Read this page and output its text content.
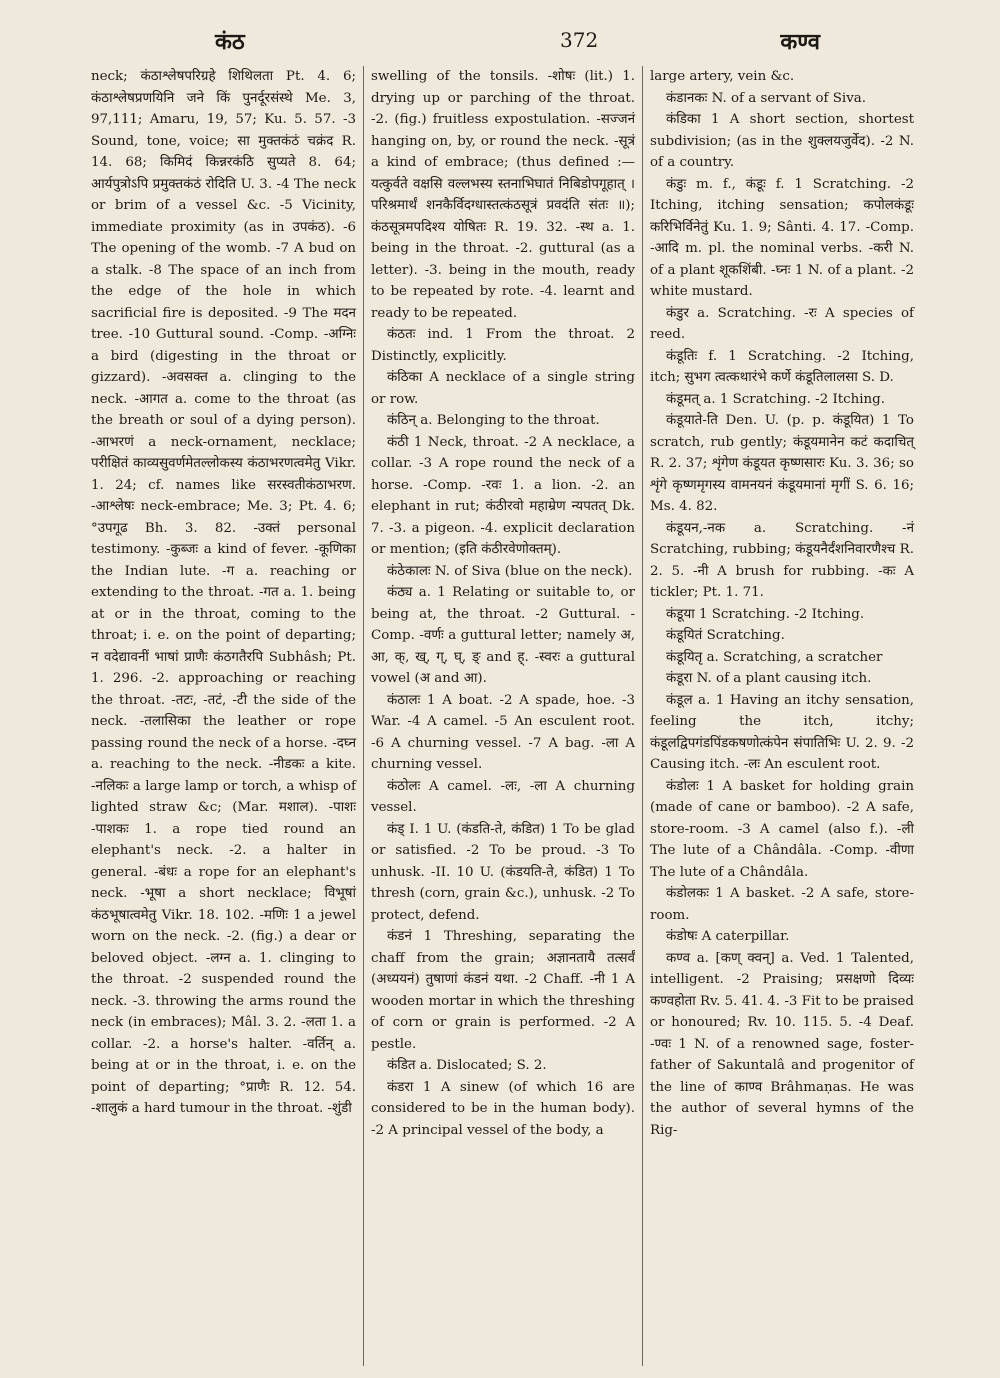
कंठ	372	कण्व

neck; कंठाश्लेषपरिग्रहे शिथिलता Pt. 4. 6; कंठाश्लेषप्रणयिनि जने किं पुनर्दूरसंस्थे Me. 3, 97,111; Amaru, 19, 57; Ku. 5. 57. -3 Sound, tone, voice; सा मुक्तकंठं चक्रंद R. 14. 68; किमिदं किन्नरकंठि सुप्यते 8. 64; आर्यपुत्रोऽपि प्रमुक्तकंठं रोदिति U. 3. -4 The neck or brim of a vessel &c. -5 Vicinity, immediate proximity (as in उपकंठ). -6 The opening of the womb. -7 A bud on a stalk. -8 The space of an inch from the edge of the hole in which sacrificial fire is deposited. -9 The मदन tree. -10 Guttural sound. -Comp. -अग्निः a bird (digesting in the throat or gizzard). -अवसक्त a. clinging to the neck. -आगत a. come to the throat (as the breath or soul of a dying person). -आभरणं a neck-ornament, necklace; परीक्षितं काव्यसुवर्णमेतल्लोकस्य कंठाभरणत्वमेतु Vikr. 1. 24; cf. names like सरस्वतीकंठाभरण. -आश्लेषः neck-embrace; Me. 3; Pt. 4. 6; °उपगूढ Bh. 3. 82. -उक्तं personal testimony. -कुब्जः a kind of fever. -कूणिका the Indian lute. -ग a. reaching or extending to the throat. -गत a. 1. being at or in the throat, coming to the throat; i. e. on the point of departing; न वदेद्यावनीं भाषां प्राणैः कंठगतैरपि Subhâsh; Pt. 1. 296. -2. approaching or reaching the throat. -तटः, -तटं, -टी the side of the neck. -तलासिका the leather or rope passing round the neck of a horse. -दघ्न a. reaching to the neck. -नीडकः a kite. -नलिकः a large lamp or torch, a whisp of lighted straw &c; (Mar. मशाल). -पाशः -पाशकः 1. a rope tied round an elephant's neck. -2. a halter in general. -बंधः a rope for an elephant's neck. -भूषा a short necklace; विभूषां कंठभूषात्वमेतु Vikr. 18. 102. -मणिः 1 a jewel worn on the neck. -2. (fig.) a dear or beloved object. -लग्न a. 1. clinging to the throat. -2 suspended round the neck. -3. throwing the arms round the neck (in embraces); Mâl. 3. 2. -लता 1. a collar. -2. a horse's halter. -वर्तिन् a. being at or in the throat, i. e. on the point of departing; °प्राणैः R. 12. 54. -शालुकं a hard tumour in the throat. -शुंडी

swelling of the tonsils. -शोषः (lit.) 1. drying up or parching of the throat. -2. (fig.) fruitless expostulation. -सज्जनं hanging on, by, or round the neck. -सूत्रं a kind of embrace; (thus defined :— यत्कुर्वते वक्षसि वल्लभस्य स्तनाभिघातं निबिडोपगूहात् । परिश्रमार्थं शनकैर्विदग्धास्तत्कंठसूत्रं प्रवदंति संतः ॥); कंठसूत्रमपदिश्य योषितः R. 19. 32. -स्थ a. 1. being in the throat. -2. guttural (as a letter). -3. being in the mouth, ready to be repeated by rote. -4. learnt and ready to be repeated.

कंठतः ind. 1 From the throat. 2 Distinctly, explicitly.

कंठिका A necklace of a single string or row.

कंठिन् a. Belonging to the throat.

कंठी 1 Neck, throat. -2 A necklace, a collar. -3 A rope round the neck of a horse. -Comp. -रवः 1. a lion. -2. an elephant in rut; कंठीरवो महाम्रेण न्यपतत् Dk. 7. -3. a pigeon. -4. explicit declaration or mention; (इति कंठीरवेणोक्तम्).

कंठेकालः N. of Siva (blue on the neck).

कंठ्य a. 1 Relating or suitable to, or being at, the throat. -2 Guttural. -Comp. -वर्णः a guttural letter; namely अ, आ, क्, ख्, ग्, घ्, ङ् and ह्. -स्वरः a guttural vowel (अ and आ).

कंठालः 1 A boat. -2 A spade, hoe. -3 War. -4 A camel. -5 An esculent root. -6 A churning vessel. -7 A bag. -ला A churning vessel.

कंठोलः A camel. -लः, -ला A churning vessel.

कंड् I. 1 U. (कंडति-ते, कंडित) 1 To be glad or satisfied. -2 To be proud. -3 To unhusk. -II. 10 U. (कंडयति-ते, कंडित) 1 To thresh (corn, grain &c.), unhusk. -2 To protect, defend.

कंडनं 1 Threshing, separating the chaff from the grain; अज्ञानतायै तत्सर्वं (अध्ययनं) तुषाणां कंडनं यथा. -2 Chaff. -नी 1 A wooden mortar in which the threshing of corn or grain is performed. -2 A pestle.

कंडित a. Dislocated; S. 2.

कंडरा 1 A sinew (of which 16 are considered to be in the human body). -2 A principal vessel of the body, a

large artery, vein &c.

कंडानकः N. of a servant of Siva.

कंडिका 1 A short section, shortest subdivision; (as in the शुक्लयजुर्वेद). -2 N. of a country.

कंडुः m. f., कंडूः f. 1 Scratching. -2 Itching, itching sensation; कपोलकंडूः करिभिर्विनेतुं Ku. 1. 9; Sânti. 4. 17. -Comp. -आदि m. pl. the nominal verbs. -करी N. of a plant शूकशिंबी. -घ्नः 1 N. of a plant. -2 white mustard.

कंडुर a. Scratching. -रः A species of reed.

कंडूतिः f. 1 Scratching. -2 Itching, itch; सुभग त्वत्कथारंभे कर्णे कंडूतिलालसा S. D.

कंडूमत् a. 1 Scratching. -2 Itching.

कंडूयाते-ति Den. U. (p. p. कंडूयित) 1 To scratch, rub gently; कंडूयमानेन कटं कदाचित् R. 2. 37; शृंगेण कंडूयत कृष्णसारः Ku. 3. 36; so शृंगे कृष्णमृगस्य वामनयनं कंडूयमानां मृगीं S. 6. 16; Ms. 4. 82.

कंडूयन,-नक a. Scratching. -नं Scratching, rubbing; कंडूयनैर्दंशनिवारणैश्च R. 2. 5. -नी A brush for rubbing. -कः A tickler; Pt. 1. 71.

कंडूया 1 Scratching. -2 Itching.

कंडूयितं Scratching.

कंडूयितृ a. Scratching, a scratcher

कंडूरा N. of a plant causing itch.

कंडूल a. 1 Having an itchy sensation, feeling the itch, itchy; कंडूलद्विपगंडपिंडकषणोत्कंपेन संपातिभिः U. 2. 9. -2 Causing itch. -लः An esculent root.

कंडोलः 1 A basket for holding grain (made of cane or bamboo). -2 A safe, store-room. -3 A camel (also f.). -ली The lute of a Chândâla. -Comp. -वीणा The lute of a Chândâla.

कंडोलकः 1 A basket. -2 A safe, store-room.

कंडोषः A caterpillar.

कण्व a. [कण् क्वन्] a. Ved. 1 Talented, intelligent. -2 Praising; प्रसक्षणो दिव्यः कण्वहोता Rv. 5. 41. 4. -3 Fit to be praised or honoured; Rv. 10. 115. 5. -4 Deaf. -ण्वः 1 N. of a renowned sage, foster-father of Sakuntalâ and progenitor of the line of काण्व Brâhmaṇas. He was the author of several hymns of the Rig-
